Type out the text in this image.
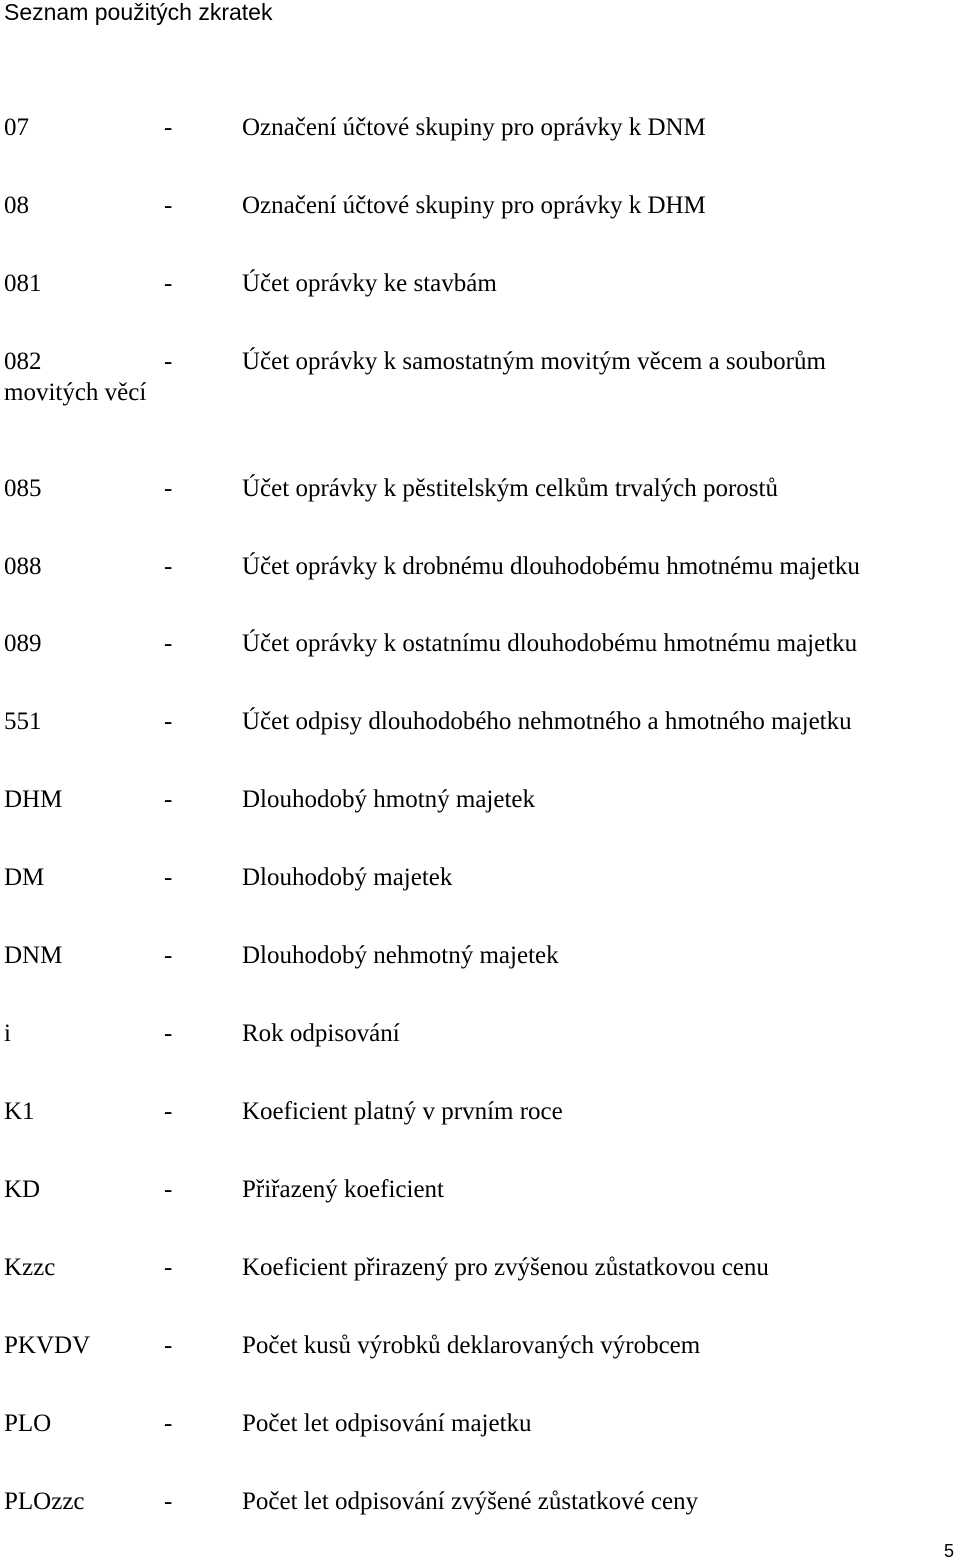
Seznam použitých zkratek
07	-	Označení účtové skupiny pro oprávky k DNM
08	-	Označení účtové skupiny pro oprávky k DHM
081	-	Účet oprávky ke stavbám
082	-	Účet oprávky k samostatným movitým věcem a souborům movitých věcí
085	-	Účet oprávky k pěstitelským celkům trvalých porostů
088	-	Účet oprávky k drobnému dlouhodobému hmotnému majetku
089	-	Účet oprávky k ostatnímu dlouhodobému hmotnému majetku
551	-	Účet odpisy dlouhodobého nehmotného a hmotného majetku
DHM	-	Dlouhodobý hmotný majetek
DM	-	Dlouhodobý majetek
DNM	-	Dlouhodobý nehmotný majetek
i	-	Rok odpisování
K1	-	Koeficient platný v prvním roce
KD	-	Přiřazený koeficient
Kzzc	-	Koeficient přirazený pro zvýšenou zůstatkovou cenu
PKVDV	-	Počet kusů výrobků deklarovaných výrobcem
PLO	-	Počet let odpisování majetku
PLOzzc	-	Počet let odpisování zvýšené zůstatkové ceny
5
